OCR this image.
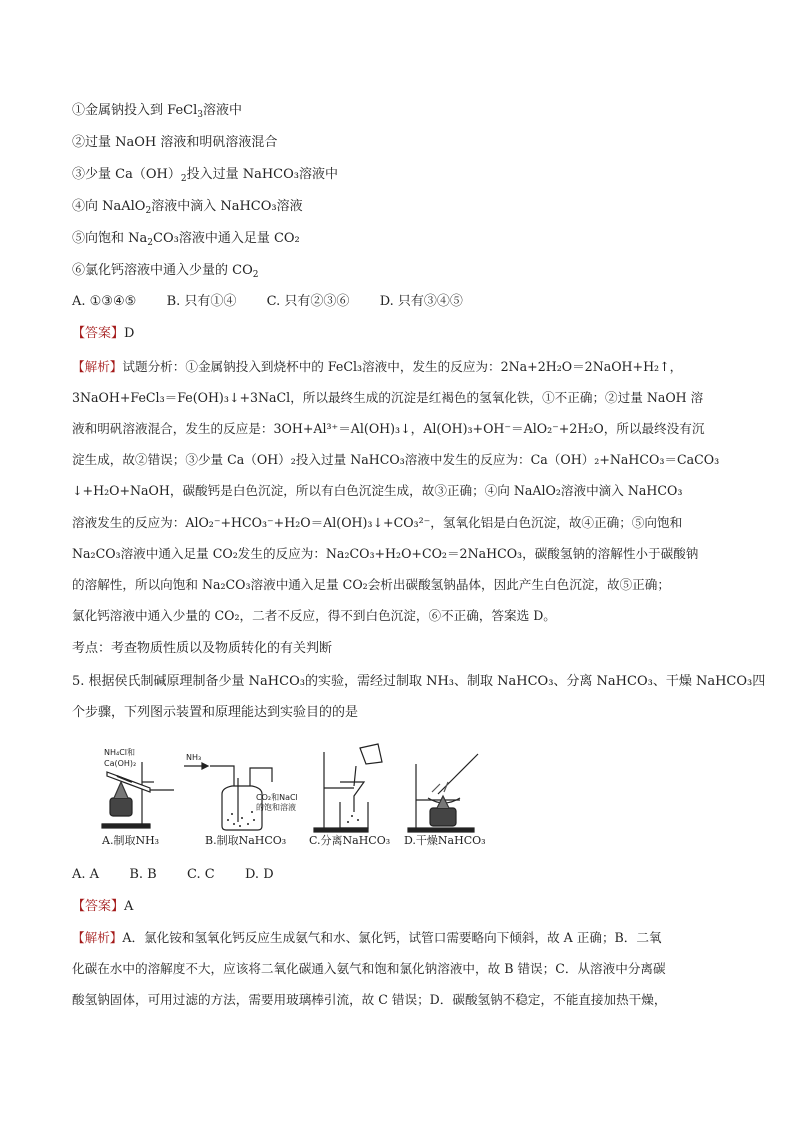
①金属钠投入到 FeCl$_3$溶液中
②过量 NaOH 溶液和明矾溶液混合
③少量 $Ca(OH)_2$投入过量 NaHCO₃溶液中
④向 NaAlO$_2$溶液中滴入 NaHCO₃溶液
⑤向饱和 $Na_2CO_3$溶液中通入足量 CO₂
⑥氯化钙溶液中通入少量的 $CO_2$
A. ①③④⑤ B. 只有①④ C. 只有②③⑥ D. 只有③④⑤
【答案】D
【解析】试题分析：①金属钠投入到烧杯中的 FeCl₃溶液中，发生的反应为：2Na+2H₂O＝2NaOH+H₂↑，
3NaOH+FeCl₃＝Fe(OH)₃↓+3NaCl，所以最终生成的沉淀是红褐色的氢氧化铁，①不正确；②过量 NaOH 溶
液和明矾溶液混合，发生的反应是：3OH+Al³⁺＝Al(OH)₃↓，Al(OH)₃+OH⁻＝AlO₂⁻+2H₂O，所以最终没有沉
淀生成，故②错误；③少量 Ca（OH）₂投入过量 NaHCO₃溶液中发生的反应为：Ca（OH）₂+NaHCO₃＝CaCO₃
↓+H₂O+NaOH，碳酸钙是白色沉淀，所以有白色沉淀生成，故③正确；④向 NaAlO₂溶液中滴入 NaHCO₃
溶液发生的反应为：AlO₂⁻+HCO₃⁻+H₂O＝Al(OH)₃↓+CO₃²⁻，氢氧化铝是白色沉淀，故④正确；⑤向饱和
Na₂CO₃溶液中通入足量 CO₂发生的反应为：Na₂CO₃+H₂O+CO₂＝2NaHCO₃，碳酸氢钠的溶解性小于碳酸钠
的溶解性，所以向饱和 Na₂CO₃溶液中通入足量 CO₂会析出碳酸氢钠晶体，因此产生白色沉淀，故⑤正确；
氯化钙溶液中通入少量的 CO₂，二者不反应，得不到白色沉淀，⑥不正确，答案选 D。
考点：考查物质性质以及物质转化的有关判断
5. 根据侯氏制碱原理制备少量 NaHCO₃的实验，需经过制取 NH₃、制取 NaHCO₃、分离 NaHCO₃、干燥 NaHCO₃四
个步骤，下列图示装置和原理能达到实验目的的是
NH₄Cl和
Ca(OH)₂
NH₃
CO₂和NaCl
的饱和溶液
A.制取NH₃	B.制取NaHCO₃ C.分离NaHCO₃ D.干燥NaHCO₃
A. A B. B C. C D. D
【答案】A
【解析】A．氯化铵和氢氧化钙反应生成氨气和水、氯化钙，试管口需要略向下倾斜，故 A 正确；B．二氧
化碳在水中的溶解度不大，应该将二氧化碳通入氨气和饱和氯化钠溶液中，故 B 错误；C．从溶液中分离碳
酸氢钠固体，可用过滤的方法，需要用玻璃棒引流，故 C 错误；D．碳酸氢钠不稳定，不能直接加热干燥，
